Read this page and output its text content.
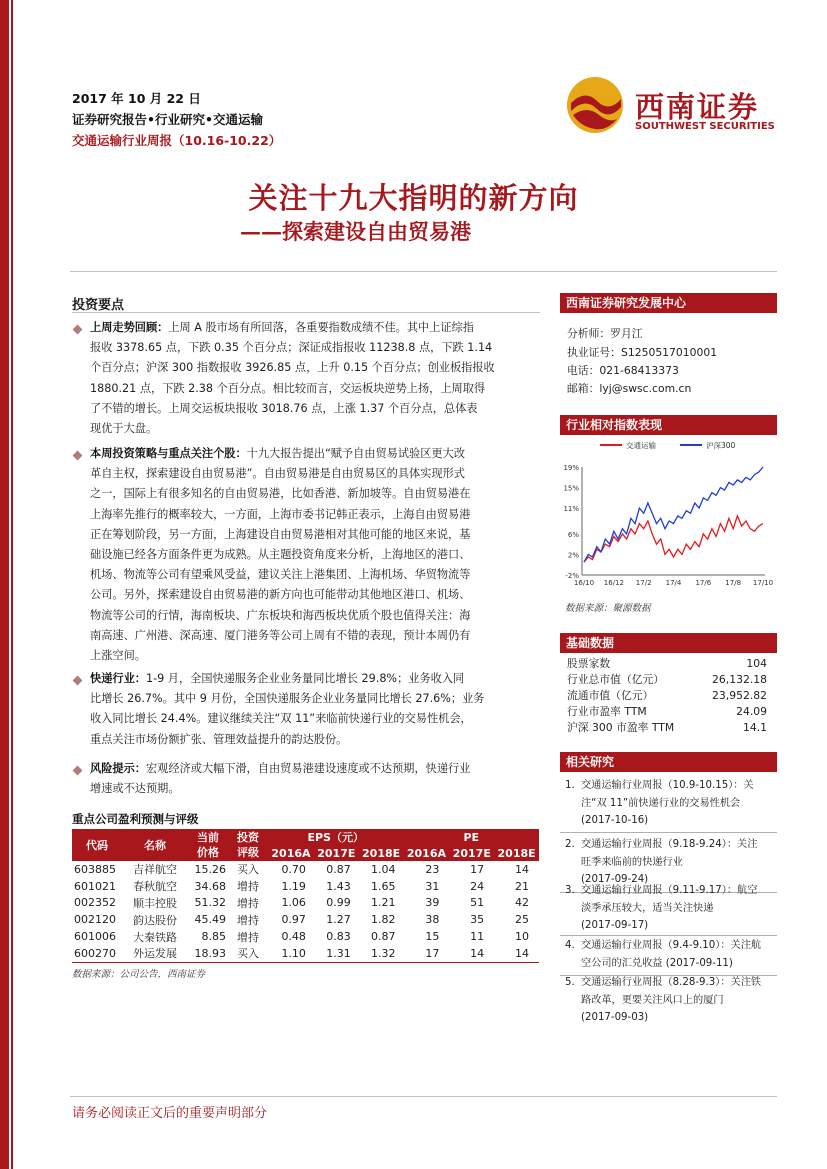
2017 年 10 月 22 日
证券研究报告•行业研究•交通运输
交通运输行业周报（10.16-10.22）
西南证券
SOUTHWEST SECURITIES
关注十九大指明的新方向
——探索建设自由贸易港
投资要点
上周走势回顾：上周 A 股市场有所回落，各重要指数成绩不佳。其中上证综指
报收 3378.65 点，下跌 0.35 个百分点；深证成指报收 11238.8 点，下跌 1.14
个百分点；沪深 300 指数报收 3926.85 点，上升 0.15 个百分点；创业板指报收
1880.21 点，下跌 2.38 个百分点。相比较而言，交运板块逆势上扬，上周取得
了不错的增长。上周交运板块报收 3018.76 点，上涨 1.37 个百分点，总体表
现优于大盘。
本周投资策略与重点关注个股：十九大报告提出“赋予自由贸易试验区更大改
革自主权，探索建设自由贸易港”。自由贸易港是自由贸易区的具体实现形式
之一，国际上有很多知名的自由贸易港，比如香港、新加坡等。自由贸易港在
上海率先推行的概率较大，一方面，上海市委书记韩正表示，上海自由贸易港
正在筹划阶段，另一方面，上海建设自由贸易港相对其他可能的地区来说，基
础设施已经各方面条件更为成熟。从主题投资角度来分析，上海地区的港口、
机场、物流等公司有望乘风受益，建议关注上港集团、上海机场、华贸物流等
公司。另外，探索建设自由贸易港的新方向也可能带动其他地区港口、机场、
物流等公司的行情，海南板块、广东板块和海西板块优质个股也值得关注：海
南高速、广州港、深高速、厦门港务等公司上周有不错的表现，预计本周仍有
上涨空间。
快递行业：1-9 月，全国快递服务企业业务量同比增长 29.8%；业务收入同
比增长 26.7%。其中 9 月份，全国快递服务企业业务量同比增长 27.6%；业务
收入同比增长 24.4%。建议继续关注“双 11”来临前快递行业的交易性机会，
重点关注市场份额扩张、管理效益提升的韵达股份。
风险提示：宏观经济或大幅下滑，自由贸易港建设速度或不达预期，快递行业
增速或不达预期。
重点公司盈利预测与评级
代码	名称	当前
价格	投资
评级	EPS（元）			PE		
				2016A	2017E	2018E	2016A	2017E	2018E
603885	吉祥航空	15.26	买入	0.70	0.87	1.04	23	17	14
601021	春秋航空	34.68	增持	1.19	1.43	1.65	31	24	21
002352	顺丰控股	51.32	增持	1.06	0.99	1.21	39	51	42
002120	韵达股份	45.49	增持	0.97	1.27	1.82	38	35	25
601006	大秦铁路	8.85	增持	0.48	0.83	0.87	15	11	10
600270	外运发展	18.93	买入	1.10	1.31	1.32	17	14	14
数据来源：公司公告，西南证券
西南证券研究发展中心
分析师：罗月江
执业证号：S1250517010001
电话：021-68413373
邮箱：lyj@swsc.com.cn
行业相对指数表现
-2%
2%
6%
11%
15%
19%
16/10 16/12 17/2 17/4 17/6 17/8 17/10
交通运输	沪深300
数据来源：聚源数据
基础数据
股票家数	104
行业总市值（亿元）	26,132.18
流通市值（亿元）	23,952.82
行业市盈率 TTM	24.09
沪深 300 市盈率 TTM	14.1
相关研究
1. 交通运输行业周报（10.9-10.15）：关
注“双 11”前快递行业的交易性机会
(2017-10-16)
2. 交通运输行业周报（9.18-9.24）：关注
旺季来临前的快递行业
(2017-09-24)
3. 交通运输行业周报（9.11-9.17）：航空
淡季承压较大，适当关注快递
(2017-09-17)
4. 交通运输行业周报（9.4-9.10）：关注航
空公司的汇兑收益 (2017-09-11)
5. 交通运输行业周报（8.28-9.3）：关注铁
路改革，更要关注风口上的厦门
(2017-09-03)
请务必阅读正文后的重要声明部分
